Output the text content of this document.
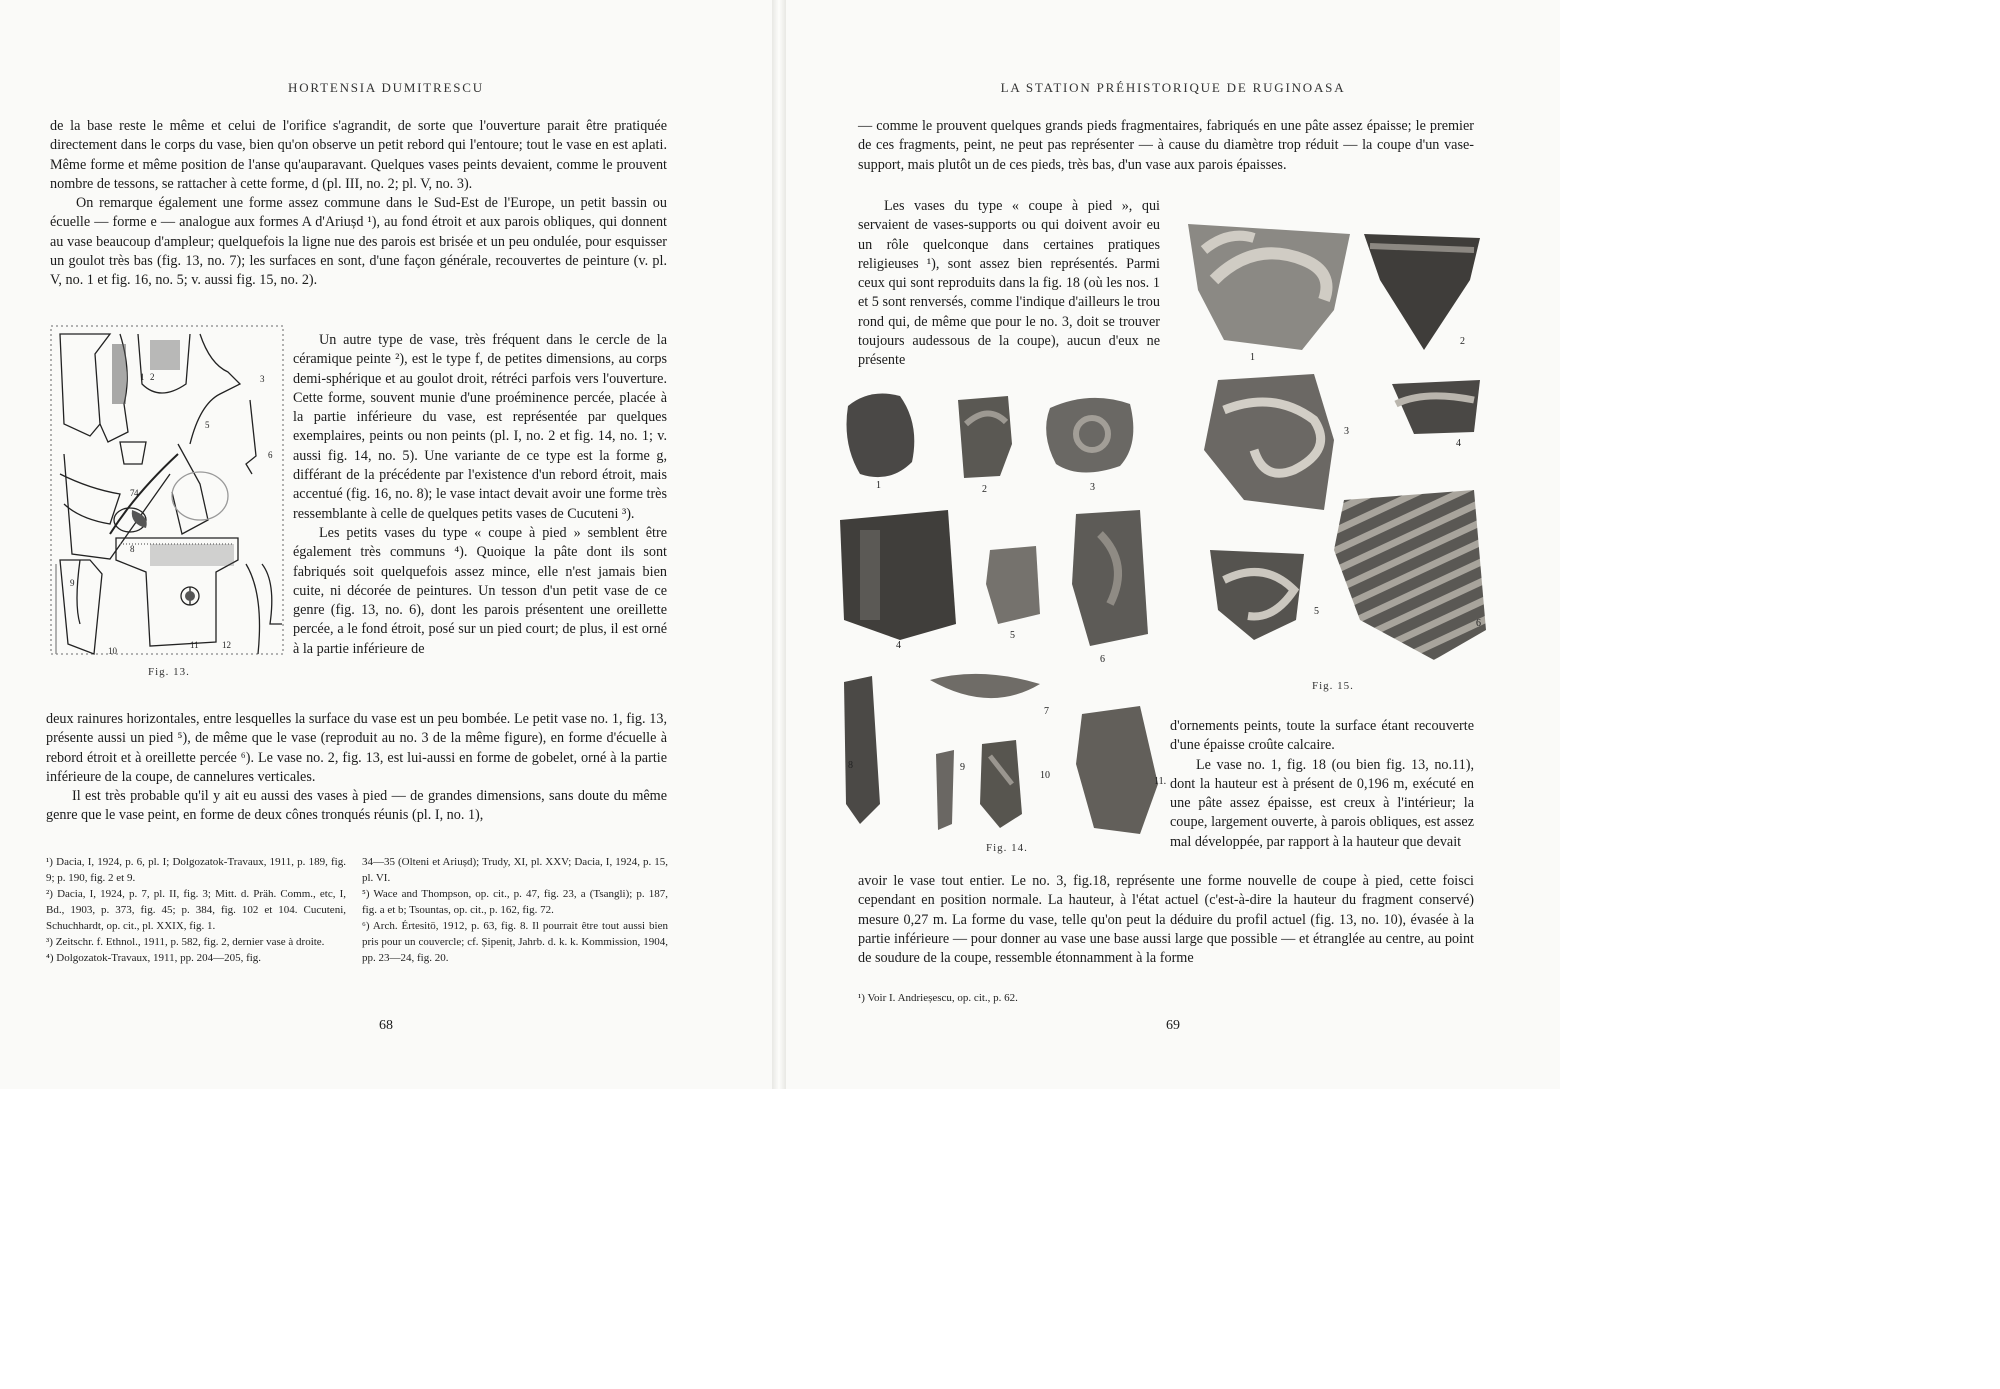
HORTENSIA DUMITRESCU

de la base reste le même et celui de l'orifice s'agrandit, de sorte que l'ouverture parait être pratiquée directement dans le corps du vase, bien qu'on observe un petit rebord qui l'entoure; tout le vase en est aplati. Même forme et même position de l'anse qu'auparavant. Quelques vases peints devaient, comme le prouvent nombre de tessons, se rattacher à cette forme, d (pl. III, no. 2; pl. V, no. 3).

On remarque également une forme assez commune dans le Sud-Est de l'Europe, un petit bassin ou écuelle — forme e — analogue aux formes A d'Ariușd ¹), au fond étroit et aux parois obliques, qui donnent au vase beaucoup d'ampleur; quelquefois la ligne nue des parois est brisée et un peu ondulée, pour esquisser un goulot très bas (fig. 13, no. 7); les surfaces en sont, d'une façon générale, recouvertes de peinture (v. pl. V, no. 1 et fig. 16, no. 5; v. aussi fig. 15, no. 2).

1 2	3
4
5
6
7
8
9
10
11	12
Fig. 13.

Un autre type de vase, très fréquent dans le cercle de la céramique peinte ²), est le type f, de petites dimensions, au corps demi-sphérique et au goulot droit, rétréci parfois vers l'ouverture. Cette forme, souvent munie d'une proéminence percée, placée à la partie inférieure du vase, est représentée par quelques exemplaires, peints ou non peints (pl. I, no. 2 et fig. 14, no. 1; v. aussi fig. 14, no. 5). Une variante de ce type est la forme g, différant de la précédente par l'existence d'un rebord étroit, mais accentué (fig. 16, no. 8); le vase intact devait avoir une forme très ressemblante à celle de quelques petits vases de Cucuteni ³).

Les petits vases du type « coupe à pied » semblent être également très communs ⁴). Quoique la pâte dont ils sont fabriqués soit quelquefois assez mince, elle n'est jamais bien cuite, ni décorée de peintures. Un tesson d'un petit vase de ce genre (fig. 13, no. 6), dont les parois présentent une oreillette percée, a le fond étroit, posé sur un pied court; de plus, il est orné à la partie inférieure de

deux rainures horizontales, entre lesquelles la surface du vase est un peu bombée. Le petit vase no. 1, fig. 13, présente aussi un pied ⁵), de même que le vase (reproduit au no. 3 de la même figure), en forme d'écuelle à rebord étroit et à oreillette percée ⁶). Le vase no. 2, fig. 13, est lui-aussi en forme de gobelet, orné à la partie inférieure de la coupe, de cannelures verticales.

Il est très probable qu'il y ait eu aussi des vases à pied — de grandes dimensions, sans doute du même genre que le vase peint, en forme de deux cônes tronqués réunis (pl. I, no. 1),

¹) Dacia, I, 1924, p. 6, pl. I; Dolgozatok-Travaux, 1911, p. 189, fig. 9; p. 190, fig. 2 et 9.

²) Dacia, I, 1924, p. 7, pl. II, fig. 3; Mitt. d. Präh. Comm., etc, I, Bd., 1903, p. 373, fig. 45; p. 384, fig. 102 et 104. Cucuteni, Schuchhardt, op. cit., pl. XXIX, fig. 1.

³) Zeitschr. f. Ethnol., 1911, p. 582, fig. 2, dernier vase à droite.

⁴) Dolgozatok-Travaux, 1911, pp. 204—205, fig.

34—35 (Olteni et Ariușd); Trudy, XI, pl. XXV; Dacia, I, 1924, p. 15, pl. VI.

⁵) Wace and Thompson, op. cit., p. 47, fig. 23, a (Tsangli); p. 187, fig. a et b; Tsountas, op. cit., p. 162, fig. 72.

⁶) Arch. Értesitö, 1912, p. 63, fig. 8. Il pourrait être tout aussi bien pris pour un couvercle; cf. Șipeniț, Jahrb. d. k. k. Kommission, 1904, pp. 23—24, fig. 20.

68
LA STATION PRÉHISTORIQUE DE RUGINOASA

— comme le prouvent quelques grands pieds fragmentaires, fabriqués en une pâte assez épaisse; le premier de ces fragments, peint, ne peut pas représenter — à cause du diamètre trop réduit — la coupe d'un vase-support, mais plutôt un de ces pieds, très bas, d'un vase aux parois épaisses.

Les vases du type « coupe à pied », qui servaient de vases-supports ou qui doivent avoir eu un rôle quelconque dans certaines pratiques religieuses ¹), sont assez bien représentés. Parmi ceux qui sont reproduits dans la fig. 18 (où les nos. 1 et 5 sont renversés, comme l'indique d'ailleurs le trou rond qui, de même que pour le no. 3, doit se trouver toujours audessous de la coupe), aucun d'eux ne présente	1
2
3
4
5
6
Fig. 15.
1	2	3
4
5
6
7
8	9
10
Fig. 14.
11.

d'ornements peints, toute la surface étant recouverte d'une épaisse croûte calcaire.

Le vase no. 1, fig. 18 (ou bien fig. 13, no.11), dont la hauteur est à présent de 0,196 m, exécuté en une pâte assez épaisse, est creux à l'intérieur; la coupe, largement ouverte, à parois obliques, est assez mal développée, par rapport à la hauteur que devait

avoir le vase tout entier. Le no. 3, fig.18, représente une forme nouvelle de coupe à pied, cette foisci cependant en position normale. La hauteur, à l'état actuel (c'est-à-dire la hauteur du fragment conservé) mesure 0,27 m. La forme du vase, telle qu'on peut la déduire du profil actuel (fig. 13, no. 10), évasée à la partie inférieure — pour donner au vase une base aussi large que possible — et étranglée au centre, au point de soudure de la coupe, ressemble étonnamment à la forme

¹) Voir I. Andrieșescu, op. cit., p. 62.

69
